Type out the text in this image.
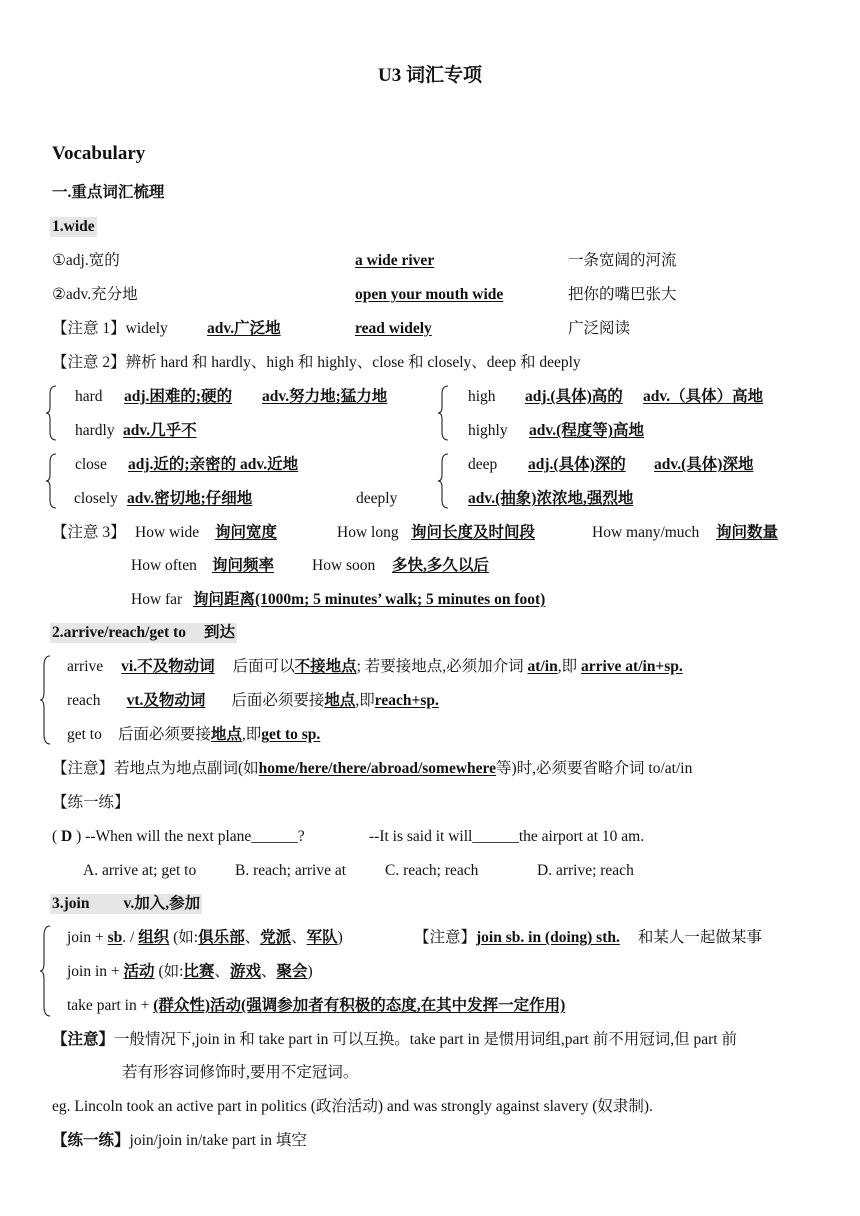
U3 词汇专项
Vocabulary
一.重点词汇梳理
1.wide
①adj.宽的	a wide river	一条宽阔的河流
②adv.充分地	open your mouth wide	把你的嘴巴张大
【注意 1】widely	adv.广泛地	read widely	广泛阅读
【注意 2】辨析 hard 和 hardly、high 和 highly、close 和 closely、deep 和 deeply
hard adj.困难的;硬的 adv.努力地;猛力地	high adj.(具体)高的 adv.（具体）高地
hardly adv.几乎不	highly adv.(程度等)高地
close adj.近的;亲密的 adv.近地	deep adj.(具体)深的 adv.(具体)深地
closely adv.密切地;仔细地	deeply	adv.(抽象)浓浓地,强烈地
【注意 3】 How wide 询问宽度	How long 询问长度及时间段	How many/much 询问数量
How often 询问频率 How soon 多快,多久以后
How far 询问距离(1000m; 5 minutes’ walk; 5 minutes on foot)
2.arrive/reach/get to 到达
arrive vi.不及物动词 后面可以不接地点; 若要接地点,必须加介词 at/in,即 arrive at/in+sp.
reach vt.及物动词 后面必须要接地点,即reach+sp.
get to 后面必须要接地点,即get to sp.
【注意】若地点为地点副词(如home/here/there/abroad/somewhere等)时,必须要省略介词 to/at/in
【练一练】
( D ) --When will the next plane______?	--It is said it will______the airport at 10 am.
A. arrive at; get to	B. reach; arrive at	C. reach; reach	D. arrive; reach
3.join v.加入,参加
join + sb. / 组织 (如:俱乐部、党派、军队)	【注意】join sb. in (doing) sth. 和某人一起做某事
join in + 活动 (如:比赛、游戏、聚会)
take part in + (群众性)活动(强调参加者有积极的态度,在其中发挥一定作用)
【注意】一般情况下,join in 和 take part in 可以互换。take part in 是惯用词组,part 前不用冠词,但 part 前
若有形容词修饰时,要用不定冠词。
eg. Lincoln took an active part in politics (政治活动) and was strongly against slavery (奴隶制).
【练一练】join/join in/take part in 填空
